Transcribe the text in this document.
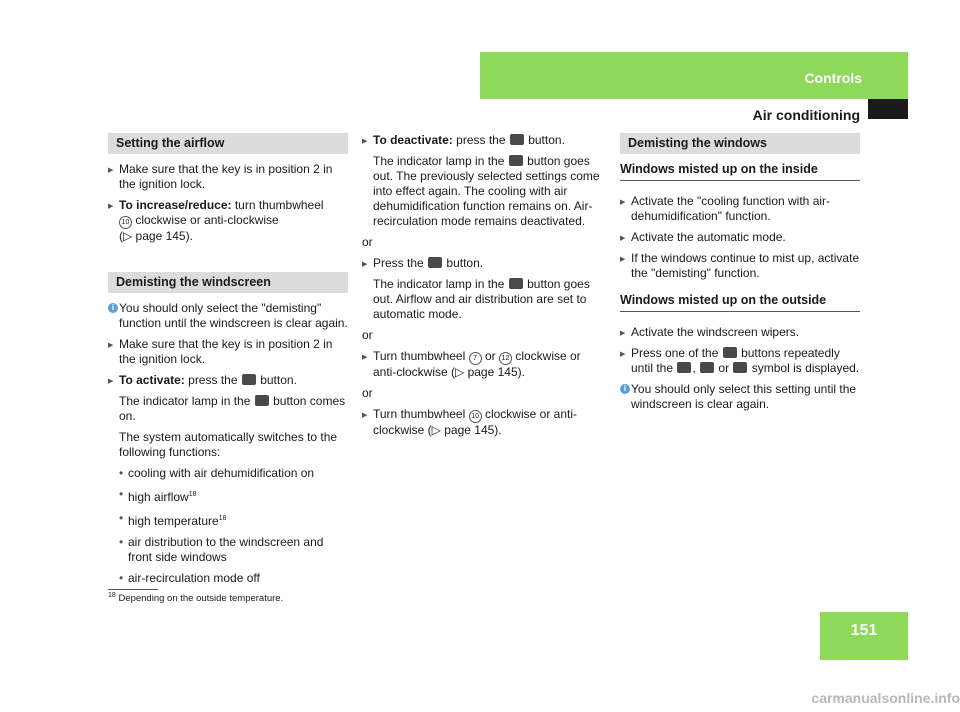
Controls
Air conditioning
Setting the airflow
▶ Make sure that the key is in position 2 in the ignition lock.
▶ To increase/reduce: turn thumbwheel
10 clockwise or anti-clockwise
(▷ page 145).
Demisting the windscreen
i You should only select the "demisting" function until the windscreen is clear again.
▶ Make sure that the key is in position 2 in the ignition lock.
▶ To activate: press the button.
The indicator lamp in the button comes on.
The system automatically switches to the following functions:
• cooling with air dehumidification on
• high airflow$^{18}$
• high temperature$^{18}$
• air distribution to the windscreen and front side windows
• air-recirculation mode off
▶ To deactivate: press the button.
The indicator lamp in the button goes out. The previously selected settings come into effect again. The cooling with air dehumidification function remains on. Air-recirculation mode remains deactivated.
or
▶ Press the button.
The indicator lamp in the button goes out. Airflow and air distribution are set to automatic mode.
or
▶ Turn thumbwheel 7 or 12 clockwise or anti-clockwise (▷ page 145).
or
▶ Turn thumbwheel 10 clockwise or anti-clockwise (▷ page 145).
Demisting the windows
Windows misted up on the inside
▶ Activate the "cooling function with air-dehumidification" function.
▶ Activate the automatic mode.
▶ If the windows continue to mist up, activate the "demisting" function.
Windows misted up on the outside
▶ Activate the windscreen wipers.
▶ Press one of the buttons repeatedly until the , or symbol is displayed.
i You should only select this setting until the windscreen is clear again.
$^{18}$ Depending on the outside temperature.
151
carmanualsonline.info
